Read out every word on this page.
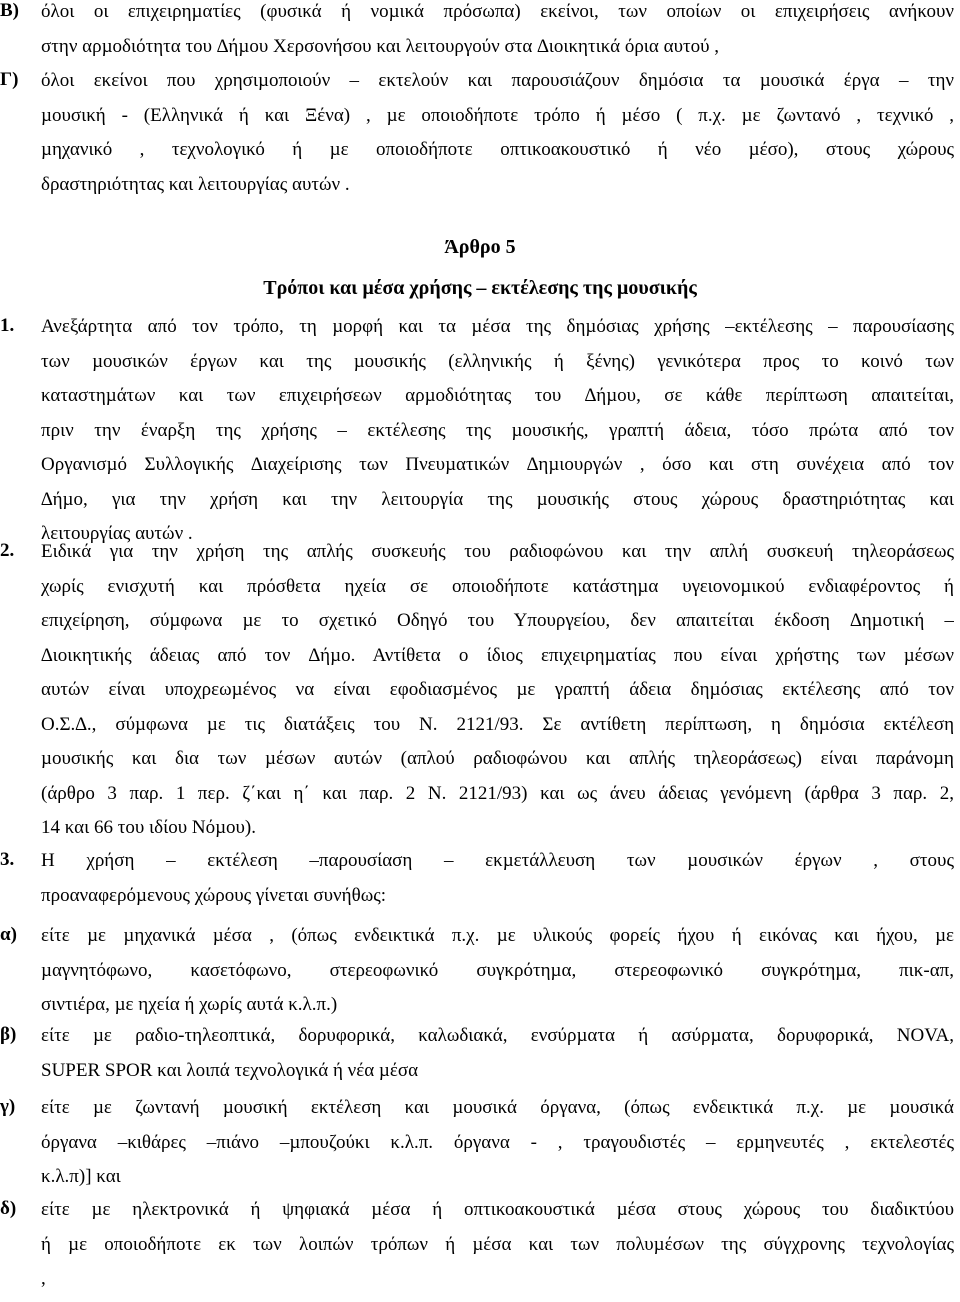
Β) όλοι οι επιχειρηµατίες (φυσικά ή νοµικά πρόσωπα) εκείνοι, των οποίων οι επιχειρήσεις ανήκουν
στην αρµοδιότητα του ∆ήµου Χερσονήσου και λειτουργούν στα ∆ιοικητικά όρια αυτού ,
Γ) όλοι εκείνοι που χρησιµοποιούν – εκτελούν και παρουσιάζουν δηµόσια τα µουσικά έργα – την
µουσική - (Ελληνικά ή και Ξένα) , µε οποιοδήποτε τρόπο ή µέσο ( π.χ. µε ζωντανό , τεχνικό ,
µηχανικό , τεχνολογικό ή µε οποιοδήποτε οπτικοακουστικό ή νέο µέσο), στους χώρους
δραστηριότητας και λειτουργίας αυτών .
Άρθρο 5
Τρόποι και µέσα χρήσης – εκτέλεσης της µουσικής
1. Ανεξάρτητα από τον τρόπο, τη µορφή και τα µέσα της δηµόσιας χρήσης –εκτέλεσης – παρουσίασης
των µουσικών έργων και της µουσικής (ελληνικής ή ξένης) γενικότερα προς το κοινό των
καταστηµάτων και των επιχειρήσεων αρµοδιότητας του ∆ήµου, σε κάθε περίπτωση απαιτείται,
πριν την έναρξη της χρήσης – εκτέλεσης της µουσικής, γραπτή άδεια, τόσο πρώτα από τον
Οργανισµό Συλλογικής ∆ιαχείρισης των Πνευµατικών ∆ηµιουργών , όσο και στη συνέχεια από τον
∆ήµο, για την χρήση και την λειτουργία της µουσικής στους χώρους δραστηριότητας και
λειτουργίας αυτών .
2. Ειδικά για την χρήση της απλής συσκευής του ραδιοφώνου και την απλή συσκευή τηλεοράσεως
χωρίς ενισχυτή και πρόσθετα ηχεία σε οποιοδήποτε κατάστηµα υγειονοµικού ενδιαφέροντος ή
επιχείρηση, σύµφωνα µε το σχετικό Οδηγό του Υπουργείου, δεν απαιτείται έκδοση ∆ηµοτική –
∆ιοικητικής άδειας από τον ∆ήµο. Αντίθετα ο ίδιος επιχειρηµατίας που είναι χρήστης των µέσων
αυτών είναι υποχρεωµένος να είναι εφοδιασµένος µε γραπτή άδεια δηµόσιας εκτέλεσης από τον
Ο.Σ.∆., σύµφωνα µε τις διατάξεις του Ν. 2121/93. Σε αντίθετη περίπτωση, η δηµόσια εκτέλεση
µουσικής και δια των µέσων αυτών (απλού ραδιοφώνου και απλής τηλεοράσεως) είναι παράνοµη
(άρθρο 3 παρ. 1 περ. ζ΄και η΄ και παρ. 2 Ν. 2121/93) και ως άνευ άδειας γενόµενη (άρθρα 3 παρ. 2,
14 και 66 του ιδίου Νόµου).
3. Η χρήση – εκτέλεση –παρουσίαση – εκµετάλλευση των µουσικών έργων , στους
προαναφερόµενους χώρους γίνεται συνήθως:
α) είτε µε µηχανικά µέσα , (όπως ενδεικτικά π.χ. µε υλικούς φορείς ήχου ή εικόνας και ήχου, µε
µαγνητόφωνο, κασετόφωνο, στερεοφωνικό συγκρότηµα, στερεοφωνικό συγκρότηµα, πικ-απ,
σιντιέρα, µε ηχεία ή χωρίς αυτά κ.λ.π.)
β) είτε µε ραδιο-τηλεοπτικά, δορυφορικά, καλωδιακά, ενσύρµατα ή ασύρµατα, δορυφορικά, NOVA,
SUPER SPOR και λοιπά τεχνολογικά ή νέα µέσα
γ) είτε µε ζωντανή µουσική εκτέλεση και µουσικά όργανα, (όπως ενδεικτικά π.χ. µε µουσικά
όργανα –κιθάρες –πιάνο –µπουζούκι κ.λ.π. όργανα - , τραγουδιστές – ερµηνευτές , εκτελεστές
κ.λ.π)] και
δ) είτε µε ηλεκτρονικά ή ψηφιακά µέσα ή οπτικοακουστικά µέσα στους χώρους του διαδικτύου
ή µε οποιοδήποτε εκ των λοιπών τρόπων ή µέσα και των πολυµέσων της σύγχρονης τεχνολογίας
,
